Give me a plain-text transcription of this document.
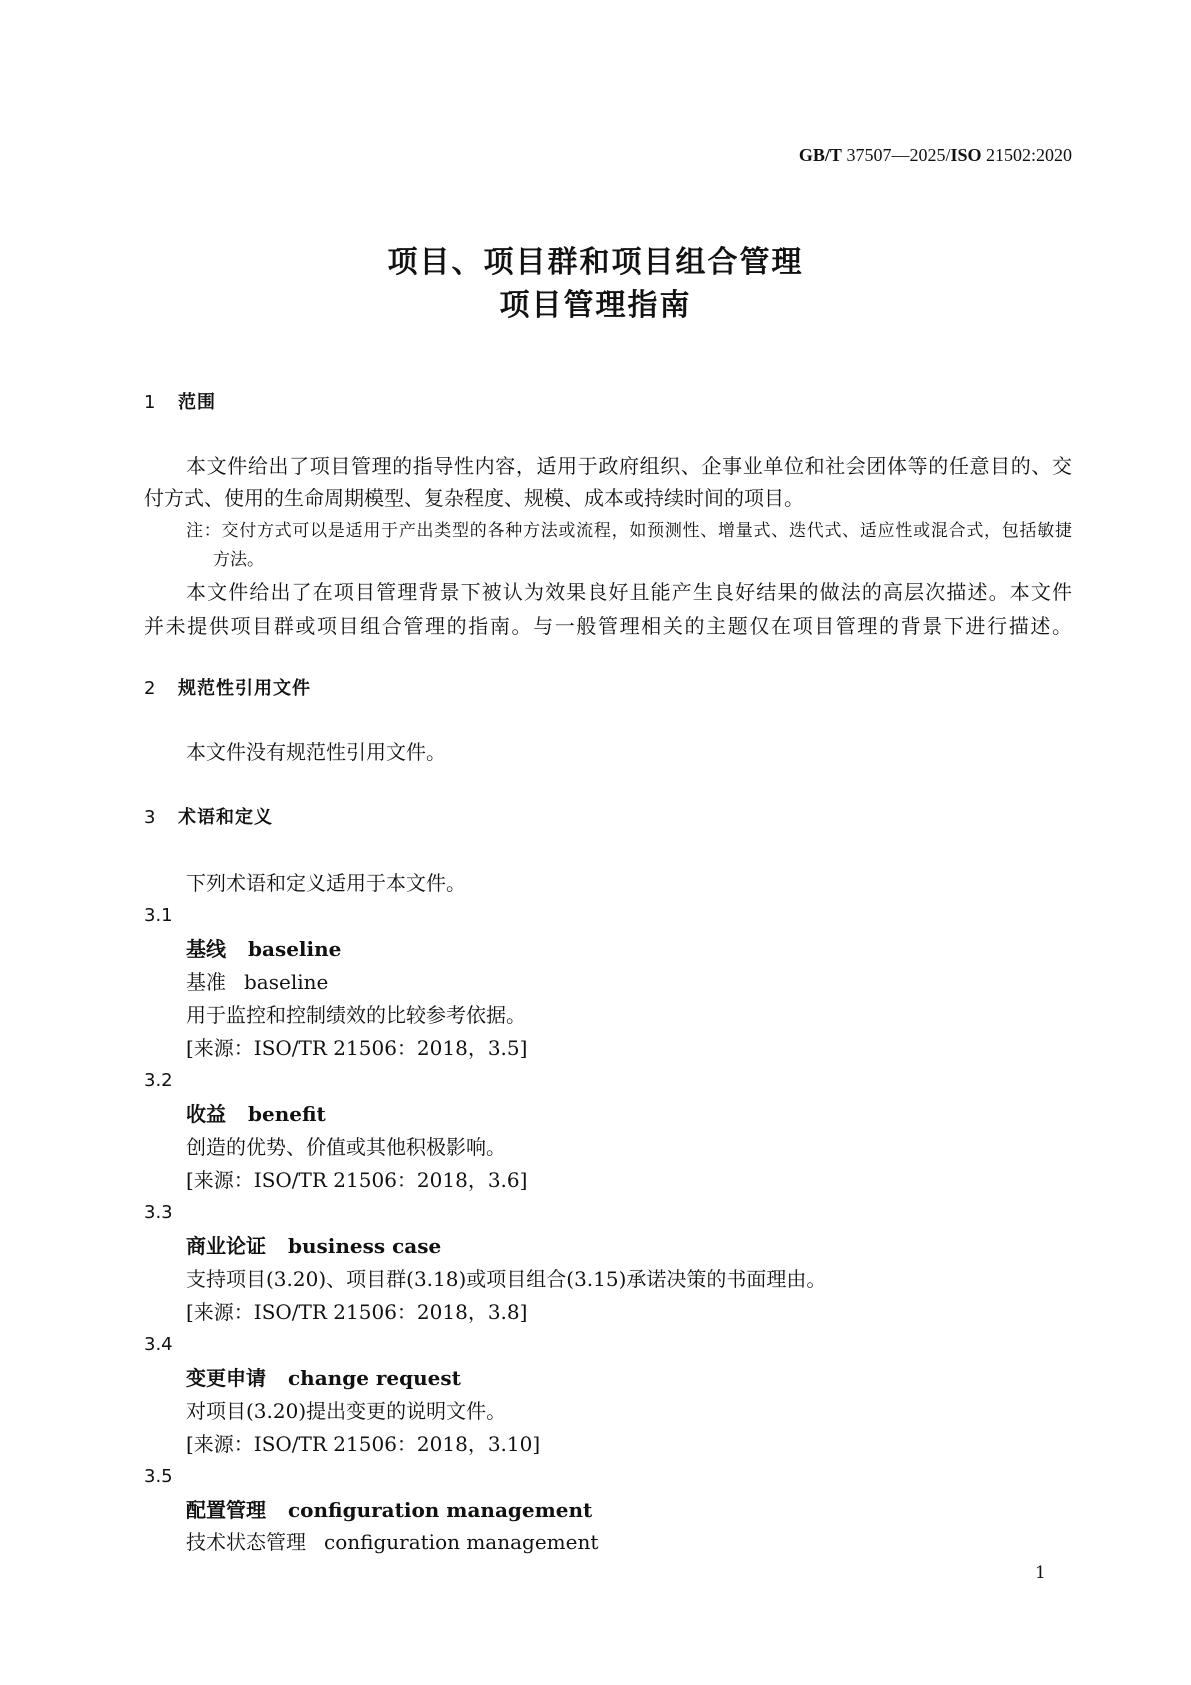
GB/T 37507—2025/ISO 21502:2020
项目、项目群和项目组合管理
项目管理指南
1 范围
本文件给出了项目管理的指导性内容，适用于政府组织、企事业单位和社会团体等的任意目的、交
付方式、使用的生命周期模型、复杂程度、规模、成本或持续时间的项目。
注：交付方式可以是适用于产出类型的各种方法或流程，如预测性、增量式、迭代式、适应性或混合式，包括敏捷
方法。
本文件给出了在项目管理背景下被认为效果良好且能产生良好结果的做法的高层次描述。本文件
并未提供项目群或项目组合管理的指南。与一般管理相关的主题仅在项目管理的背景下进行描述。
2 规范性引用文件
本文件没有规范性引用文件。
3 术语和定义
下列术语和定义适用于本文件。
3.1
基线 baseline
基准 baseline
用于监控和控制绩效的比较参考依据。
[来源：ISO/TR 21506：2018，3.5]
3.2
收益 benefit
创造的优势、价值或其他积极影响。
[来源：ISO/TR 21506：2018，3.6]
3.3
商业论证 business case
支持项目(3.20)、项目群(3.18)或项目组合(3.15)承诺决策的书面理由。
[来源：ISO/TR 21506：2018，3.8]
3.4
变更申请 change request
对项目(3.20)提出变更的说明文件。
[来源：ISO/TR 21506：2018，3.10]
3.5
配置管理 configuration management
技术状态管理 configuration management
1
